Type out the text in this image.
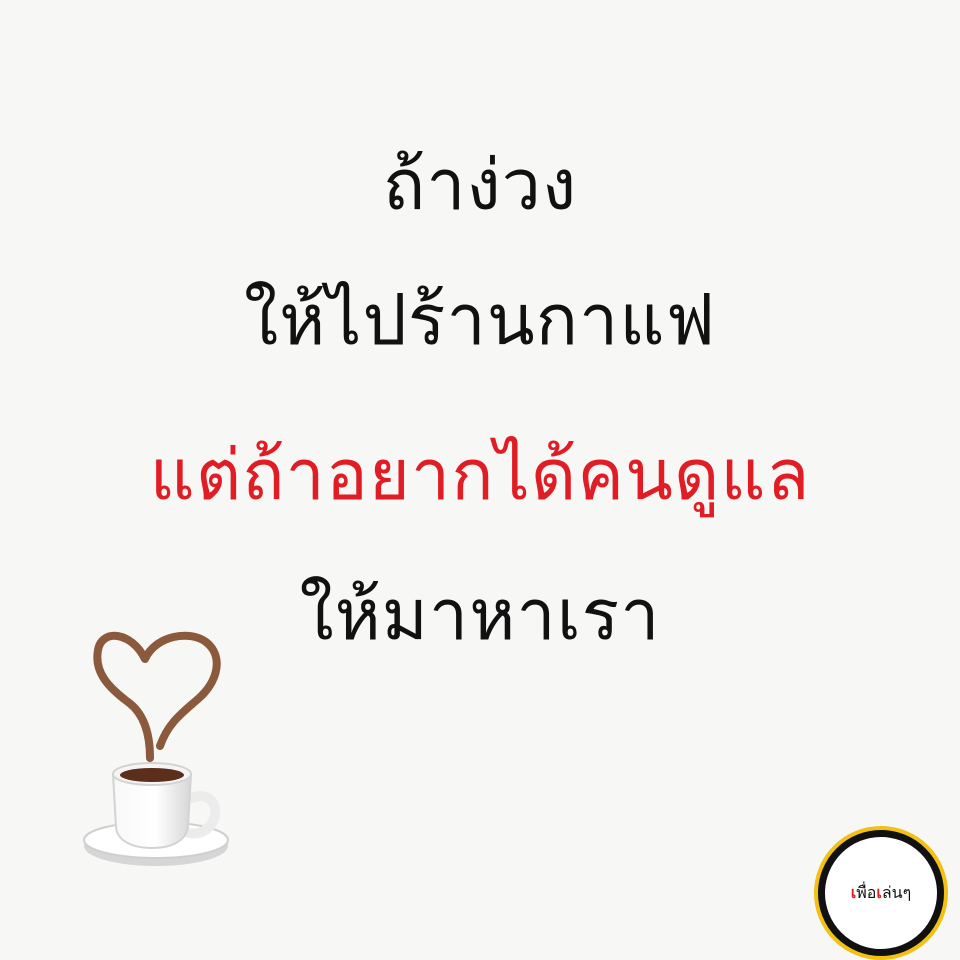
ถ้าง่วง
ให้ไปร้านกาแฟ
แต่ถ้าอยากได้คนดูแล
ให้มาหาเรา
เ พื่อ เ ล่นๆ
